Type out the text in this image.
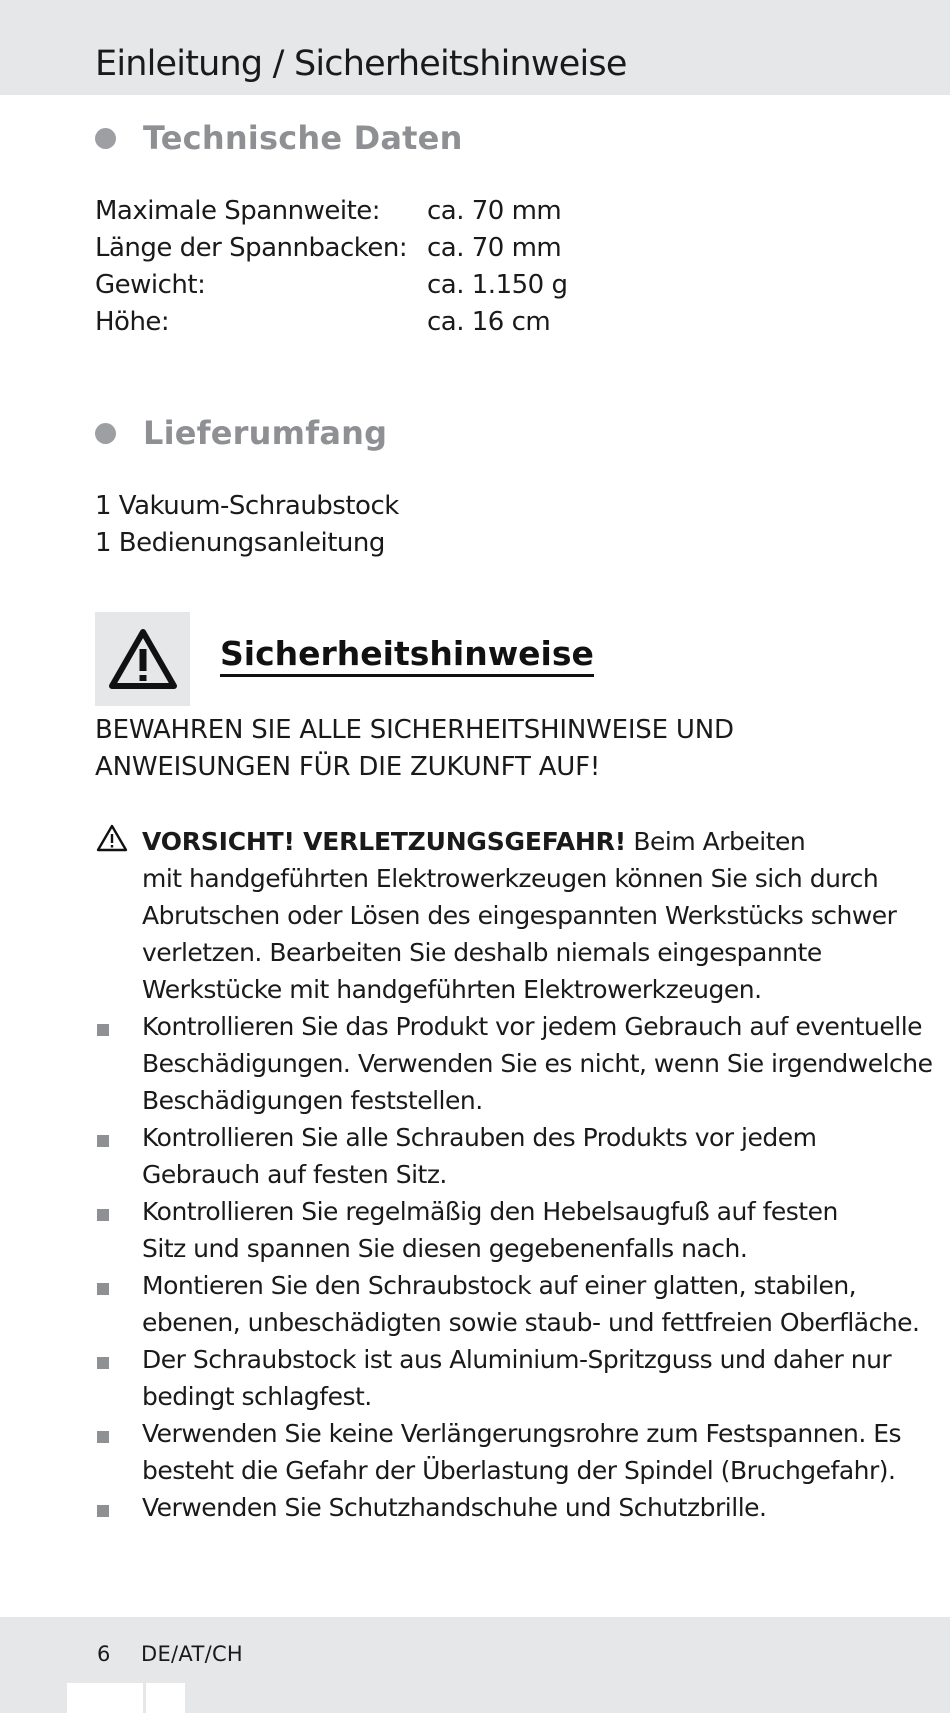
Einleitung / Sicherheitshinweise
Technische Daten
Maximale Spannweite: ca. 70 mm
Länge der Spannbacken: ca. 70 mm
Gewicht:	ca. 1.150 g
Höhe:	ca. 16 cm
Lieferumfang
1 Vakuum-Schraubstock
1 Bedienungsanleitung
Sicherheitshinweise
BEWAHREN SIE ALLE SICHERHEITSHINWEISE UND
ANWEISUNGEN FÜR DIE ZUKUNFT AUF!
VORSICHT! VERLETZUNGSGEFAHR! Beim Arbeiten
mit handgeführten Elektrowerkzeugen können Sie sich durch
Abrutschen oder Lösen des eingespannten Werkstücks schwer
verletzen. Bearbeiten Sie deshalb niemals eingespannte
Werkstücke mit handgeführten Elektrowerkzeugen.
Kontrollieren Sie das Produkt vor jedem Gebrauch auf eventuelle
Beschädigungen. Verwenden Sie es nicht, wenn Sie irgendwelche
Beschädigungen feststellen.
Kontrollieren Sie alle Schrauben des Produkts vor jedem
Gebrauch auf festen Sitz.
Kontrollieren Sie regelmäßig den Hebelsaugfuß auf festen
Sitz und spannen Sie diesen gegebenenfalls nach.
Montieren Sie den Schraubstock auf einer glatten, stabilen,
ebenen, unbeschädigten sowie staub- und fettfreien Oberfläche.
Der Schraubstock ist aus Aluminium-Spritzguss und daher nur
bedingt schlagfest.
Verwenden Sie keine Verlängerungsrohre zum Festspannen. Es
besteht die Gefahr der Überlastung der Spindel (Bruchgefahr).
Verwenden Sie Schutzhandschuhe und Schutzbrille.
6 DE/AT/CH
